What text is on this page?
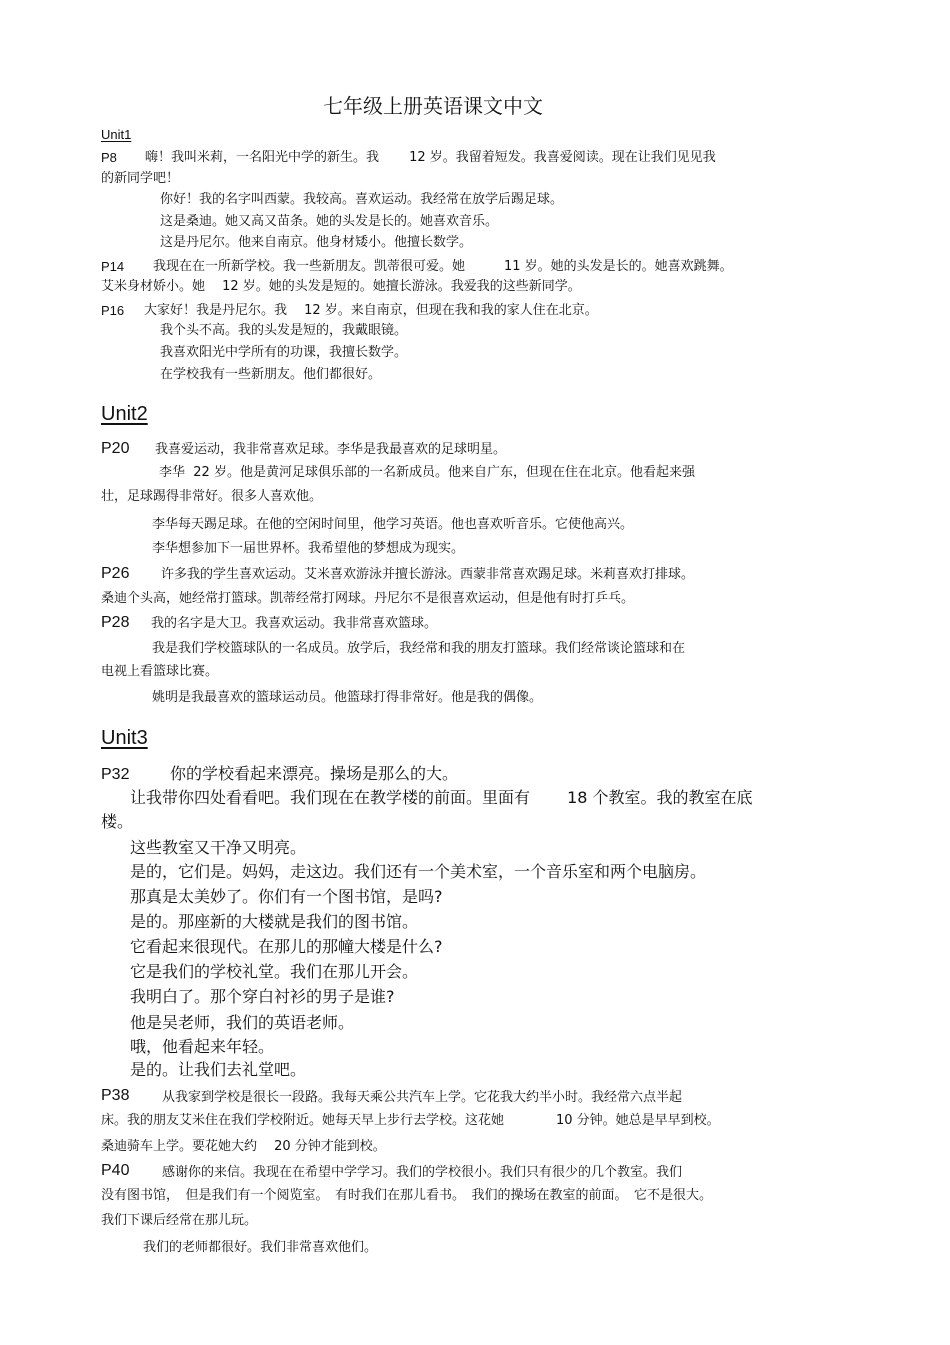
七年级上册英语课文中文
Unit1
P8 嗨！我叫米莉，一名阳光中学的新生。我　　 12 岁。我留着短发。我喜爱阅读。现在让我们见见我
的新同学吧！
你好！我的名字叫西蒙。我较高。喜欢运动。我经常在放学后踢足球。
这是桑迪。她又高又苗条。她的头发是长的。她喜欢音乐。
这是丹尼尔。他来自南京。他身材矮小。他擅长数学。
P14 我现在在一所新学校。我一些新朋友。凯蒂很可爱。她　　　11 岁。她的头发是长的。她喜欢跳舞。
艾米身材娇小。她　 12 岁。她的头发是短的。她擅长游泳。我爱我的这些新同学。
P16 大家好！我是丹尼尔。我　 12 岁。来自南京，但现在我和我的家人住在北京。
我个头不高。我的头发是短的，我戴眼镜。
我喜欢阳光中学所有的功课，我擅长数学。
在学校我有一些新朋友。他们都很好。
Unit2
P20 我喜爱运动，我非常喜欢足球。李华是我最喜欢的足球明星。
李华  22 岁。他是黄河足球俱乐部的一名新成员。他来自广东，但现在住在北京。他看起来强
壮，足球踢得非常好。很多人喜欢他。
李华每天踢足球。在他的空闲时间里，他学习英语。他也喜欢听音乐。它使他高兴。
李华想参加下一届世界杯。我希望他的梦想成为现实。
P26 许多我的学生喜欢运动。艾米喜欢游泳并擅长游泳。西蒙非常喜欢踢足球。米莉喜欢打排球。
桑迪个头高，她经常打篮球。凯蒂经常打网球。丹尼尔不是很喜欢运动，但是他有时打乒乓。
P28 我的名字是大卫。我喜欢运动。我非常喜欢篮球。
我是我们学校篮球队的一名成员。放学后，我经常和我的朋友打篮球。我们经常谈论篮球和在
电视上看篮球比赛。
姚明是我最喜欢的篮球运动员。他篮球打得非常好。他是我的偶像。
Unit3
P32	你的学校看起来漂亮。操场是那么的大。
让我带你四处看看吧。我们现在在教学楼的前面。里面有　　 18 个教室。我的教室在底
楼。
这些教室又干净又明亮。
是的，它们是。妈妈，走这边。我们还有一个美术室，一个音乐室和两个电脑房。
那真是太美妙了。你们有一个图书馆，是吗?
是的。那座新的大楼就是我们的图书馆。
它看起来很现代。在那儿的那幢大楼是什么?
它是我们的学校礼堂。我们在那儿开会。
我明白了。那个穿白衬衫的男子是谁?
他是吴老师，我们的英语老师。
哦，他看起来年轻。
是的。让我们去礼堂吧。
P38	从我家到学校是很长一段路。我每天乘公共汽车上学。它花我大约半小时。我经常六点半起
床。我的朋友艾米住在我们学校附近。她每天早上步行去学校。这花她　　　　10 分钟。她总是早早到校。
桑迪骑车上学。要花她大约　 20 分钟才能到校。
P40	感谢你的来信。我现在在希望中学学习。我们的学校很小。我们只有很少的几个教室。我们
没有图书馆，　但是我们有一个阅览室。　有时我们在那儿看书。　我们的操场在教室的前面。　它不是很大。
我们下课后经常在那儿玩。
我们的老师都很好。我们非常喜欢他们。
